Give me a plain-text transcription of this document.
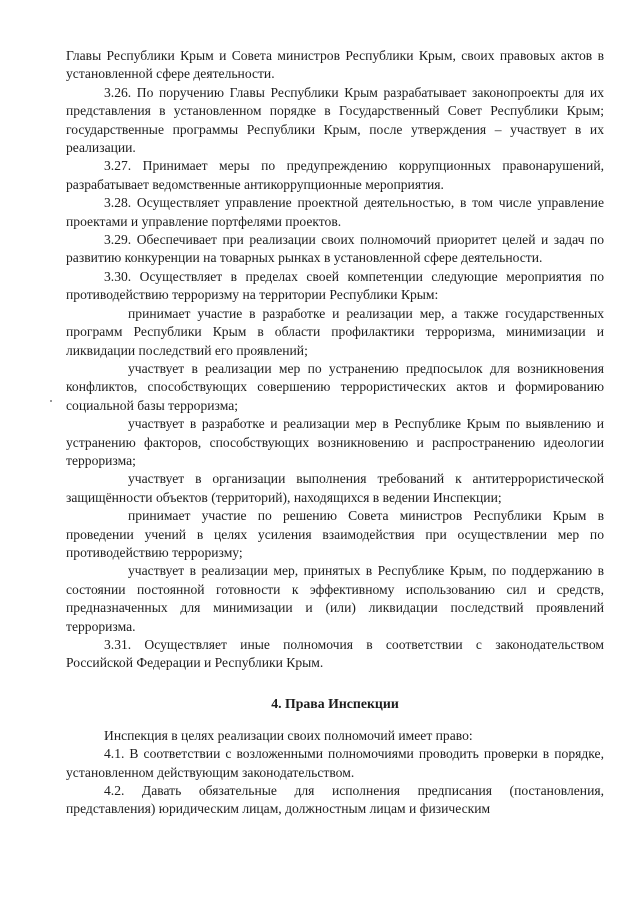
Главы Республики Крым и Совета министров Республики Крым, своих правовых актов в установленной сфере деятельности.

3.26. По поручению Главы Республики Крым разрабатывает законопроекты для их представления в установленном порядке в Государственный Совет Республики Крым; государственные программы Республики Крым, после утверждения – участвует в их реализации.

3.27. Принимает меры по предупреждению коррупционных правонарушений, разрабатывает ведомственные антикоррупционные мероприятия.

3.28. Осуществляет управление проектной деятельностью, в том числе управление проектами и управление портфелями проектов.

3.29. Обеспечивает при реализации своих полномочий приоритет целей и задач по развитию конкуренции на товарных рынках в установленной сфере деятельности.

3.30. Осуществляет в пределах своей компетенции следующие мероприятия по противодействию терроризму на территории Республики Крым:

принимает участие в разработке и реализации мер, а также государственных программ Республики Крым в области профилактики терроризма, минимизации и ликвидации последствий его проявлений;

участвует в реализации мер по устранению предпосылок для возникновения конфликтов, способствующих совершению террористических актов и формированию социальной базы терроризма;

участвует в разработке и реализации мер в Республике Крым по выявлению и устранению факторов, способствующих возникновению и распространению идеологии терроризма;

участвует в организации выполнения требований к антитеррористической защищённости объектов (территорий), находящихся в ведении Инспекции;

принимает участие по решению Совета министров Республики Крым в проведении учений в целях усиления взаимодействия при осуществлении мер по противодействию терроризму;

участвует в реализации мер, принятых в Республике Крым, по поддержанию в состоянии постоянной готовности к эффективному использованию сил и средств, предназначенных для минимизации и (или) ликвидации последствий проявлений терроризма.

3.31. Осуществляет иные полномочия в соответствии с законодательством Российской Федерации и Республики Крым.

4. Права Инспекции

Инспекция в целях реализации своих полномочий имеет право:

4.1. В соответствии с возложенными полномочиями проводить проверки в порядке, установленном действующим законодательством.

4.2. Давать обязательные для исполнения предписания (постановления, представления) юридическим лицам, должностным лицам и физическим
